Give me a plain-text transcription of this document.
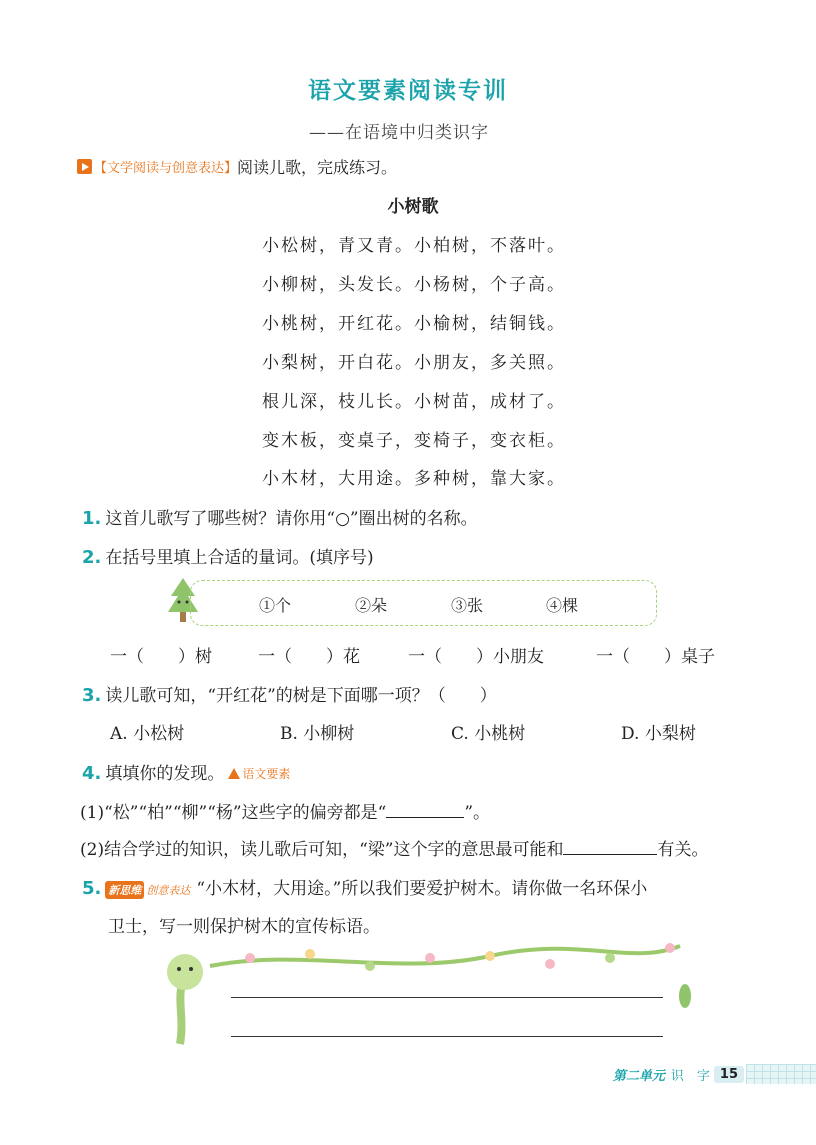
语文要素阅读专训
——在语境中归类识字
【文学阅读与创意表达】 阅读儿歌，完成练习。
小树歌
小松树，青又青。小柏树，不落叶。
小柳树，头发长。小杨树，个子高。
小桃树，开红花。小榆树，结铜钱。
小梨树，开白花。小朋友，多关照。
根儿深，枝儿长。小树苗，成材了。
变木板，变桌子，变椅子，变衣柜。
小木材，大用途。多种树，靠大家。
1. 这首儿歌写了哪些树？请你用“○”圈出树的名称。
2. 在括号里填上合适的量词。(填序号)
①个	②朵	③张	④棵
一（　　）树	一（　　）花	一（　　）小朋友	一（　　）桌子
3. 读儿歌可知，“开红花”的树是下面哪一项？（　　）
A. 小松树	B. 小柳树	C. 小桃树	D. 小梨树
4. 填填你的发现。 语文要素
(1)“松”“柏”“柳”“杨”这些字的偏旁都是“	”。
(2)结合学过的知识，读儿歌后可知，“梁”这个字的意思最可能和	有关。
5. 新思维 创意表达 “小木材，大用途。”所以我们要爱护树木。请你做一名环保小
卫士，写一则保护树木的宣传标语。
第二单元 识　字 15
